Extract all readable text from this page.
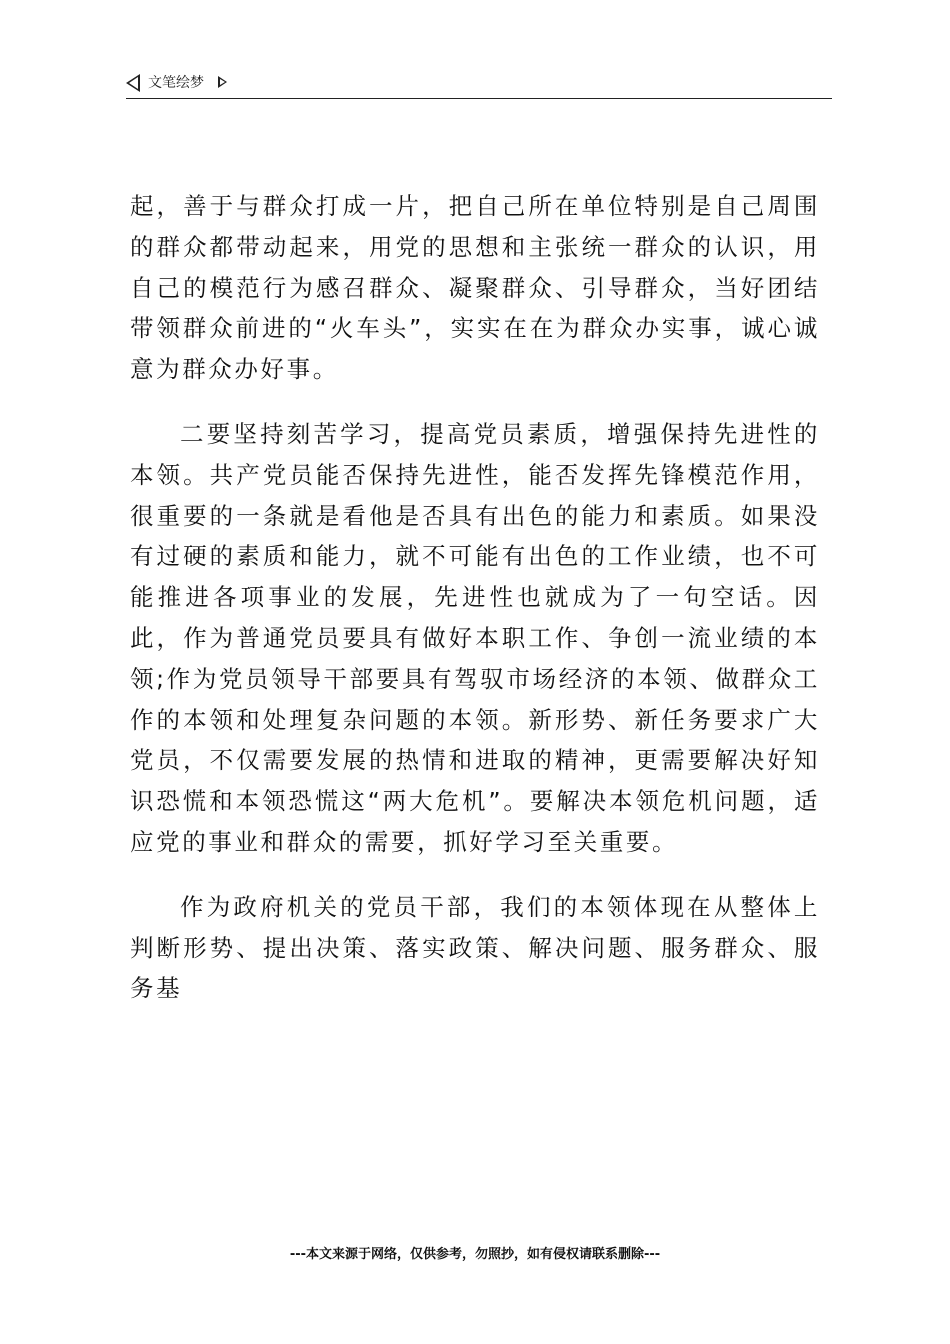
文笔绘梦

起，善于与群众打成一片，把自己所在单位特别是自己周围的群众都带动起来，用党的思想和主张统一群众的认识，用自己的模范行为感召群众、凝聚群众、引导群众，当好团结带领群众前进的“火车头”，实实在在为群众办实事，诚心诚意为群众办好事。

二要坚持刻苦学习，提高党员素质，增强保持先进性的本领。共产党员能否保持先进性，能否发挥先锋模范作用，很重要的一条就是看他是否具有出色的能力和素质。如果没有过硬的素质和能力，就不可能有出色的工作业绩，也不可能推进各项事业的发展，先进性也就成为了一句空话。因此，作为普通党员要具有做好本职工作、争创一流业绩的本领;作为党员领导干部要具有驾驭市场经济的本领、做群众工作的本领和处理复杂问题的本领。新形势、新任务要求广大党员，不仅需要发展的热情和进取的精神，更需要解决好知识恐慌和本领恐慌这“两大危机”。要解决本领危机问题，适应党的事业和群众的需要，抓好学习至关重要。

作为政府机关的党员干部，我们的本领体现在从整体上判断形势、提出决策、落实政策、解决问题、服务群众、服务基

---本文来源于网络，仅供参考，勿照抄，如有侵权请联系删除---
